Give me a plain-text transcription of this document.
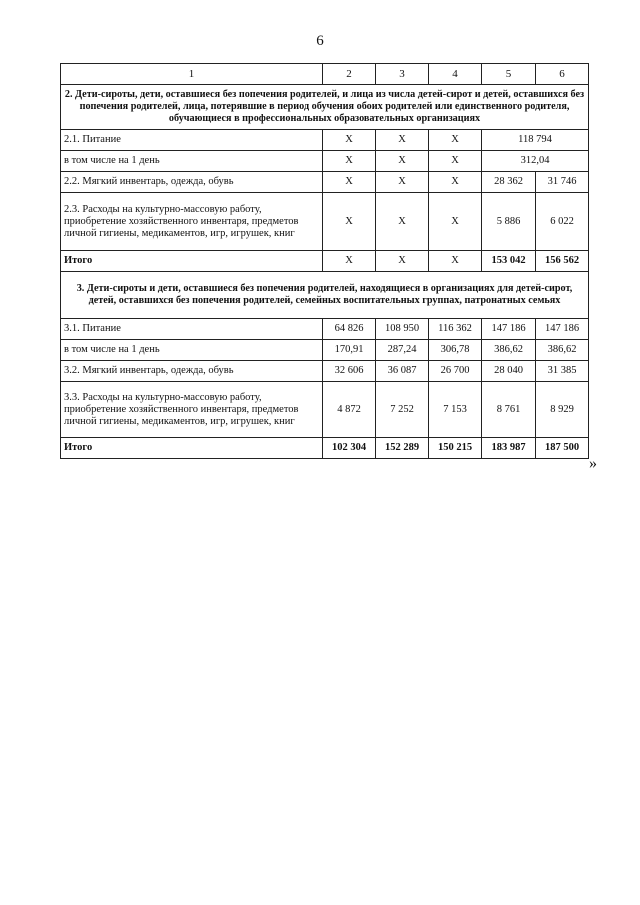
6
1	2	3	4	5	6
2. Дети-сироты, дети, оставшиеся без попечения родителей, и лица из числа детей-сирот и детей, оставшихся без попечения родителей, лица, потерявшие в период обучения обоих родителей или единственного родителя, обучающиеся в профессиональных образовательных организациях					
2.1. Питание	X	X	X	118 794	
в том числе на 1 день	X	X	X	312,04	
2.2. Мягкий инвентарь, одежда, обувь	X	X	X	28 362	31 746
2.3. Расходы на культурно-массовую работу, приобретение хозяйственного инвентаря, предметов личной гигиены, медикаментов, игр, игрушек, книг	X	X	X	5 886	6 022
Итого	X	X	X	153 042	156 562
3. Дети-сироты и дети, оставшиеся без попечения родителей, находящиеся в организациях для детей-сирот, детей, оставшихся без попечения родителей, семейных воспитательных группах, патронатных семьях					
3.1. Питание	64 826	108 950	116 362	147 186	147 186
в том числе на 1 день	170,91	287,24	306,78	386,62	386,62
3.2. Мягкий инвентарь, одежда, обувь	32 606	36 087	26 700	28 040	31 385
3.3. Расходы на культурно-массовую работу, приобретение хозяйственного инвентаря, предметов личной гигиены, медикаментов, игр, игрушек, книг	4 872	7 252	7 153	8 761	8 929
Итого	102 304	152 289	150 215	183 987	187 500
»
